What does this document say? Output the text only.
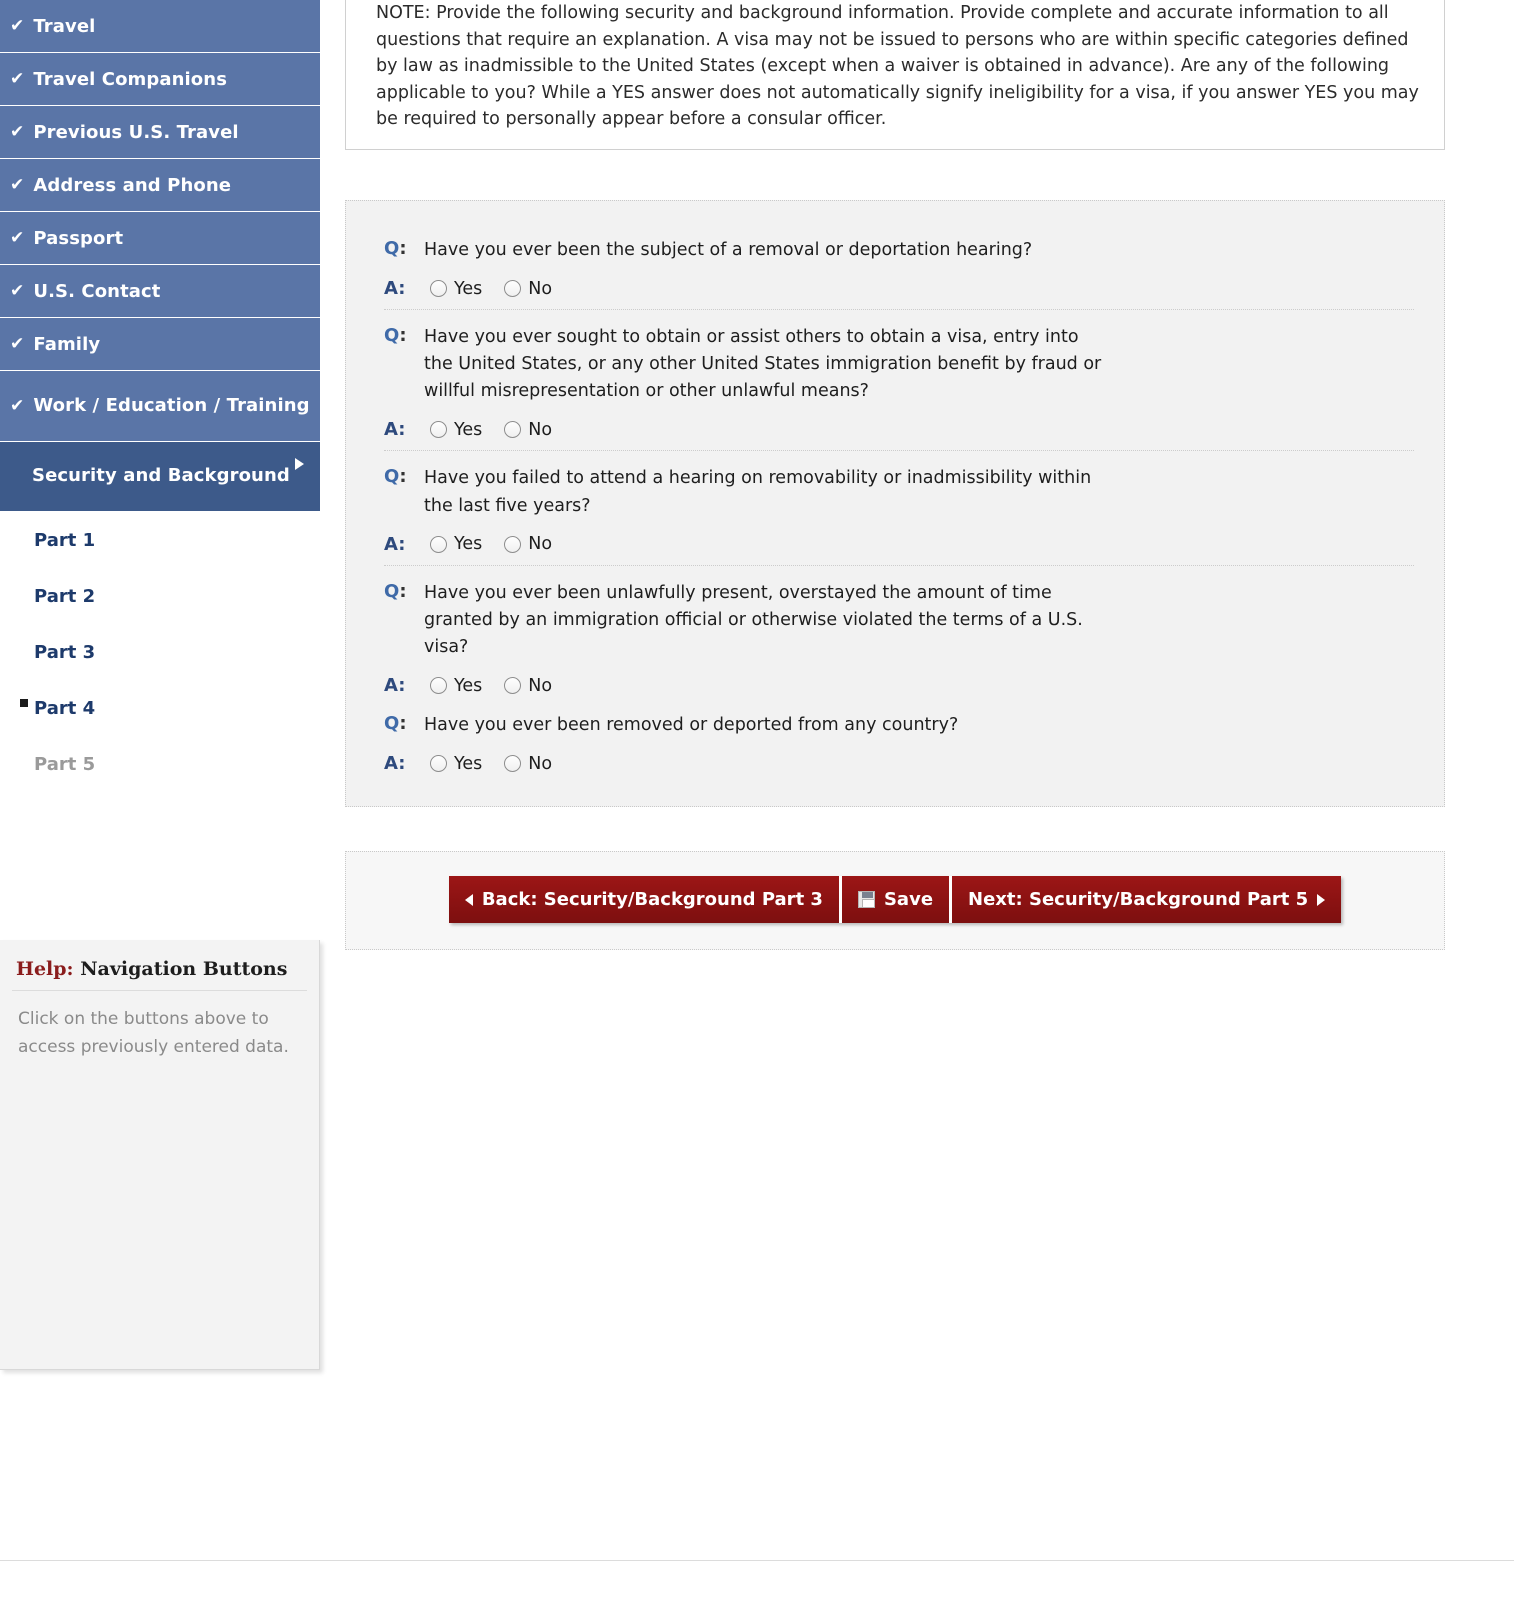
✔ Travel
✔ Travel Companions
✔ Previous U.S. Travel
✔ Address and Phone
✔ Passport
✔ U.S. Contact
✔ Family
✔ Work / Education / Training
Security and Background
Part 1
Part 2
Part 3
Part 4
Part 5
Help: Navigation Buttons
Click on the buttons above to access previously entered data.
NOTE: Provide the following security and background information. Provide complete and accurate information to all questions that require an explanation. A visa may not be issued to persons who are within specific categories defined by law as inadmissible to the United States (except when a waiver is obtained in advance). Are any of the following applicable to you? While a YES answer does not automatically signify ineligibility for a visa, if you answer YES you may be required to personally appear before a consular officer.
Q: Have you ever been the subject of a removal or deportation hearing?
A:	Yes	No
Q: Have you ever sought to obtain or assist others to obtain a visa, entry into the United States, or any other United States immigration benefit by fraud or willful misrepresentation or other unlawful means?
A:	Yes	No
Q: Have you failed to attend a hearing on removability or inadmissibility within the last five years?
A:	Yes	No
Q: Have you ever been unlawfully present, overstayed the amount of time granted by an immigration official or otherwise violated the terms of a U.S. visa?
A:	Yes	No
Q: Have you ever been removed or deported from any country?
A:	Yes	No
Back: Security/Background Part 3	Save Next: Security/Background Part 5
